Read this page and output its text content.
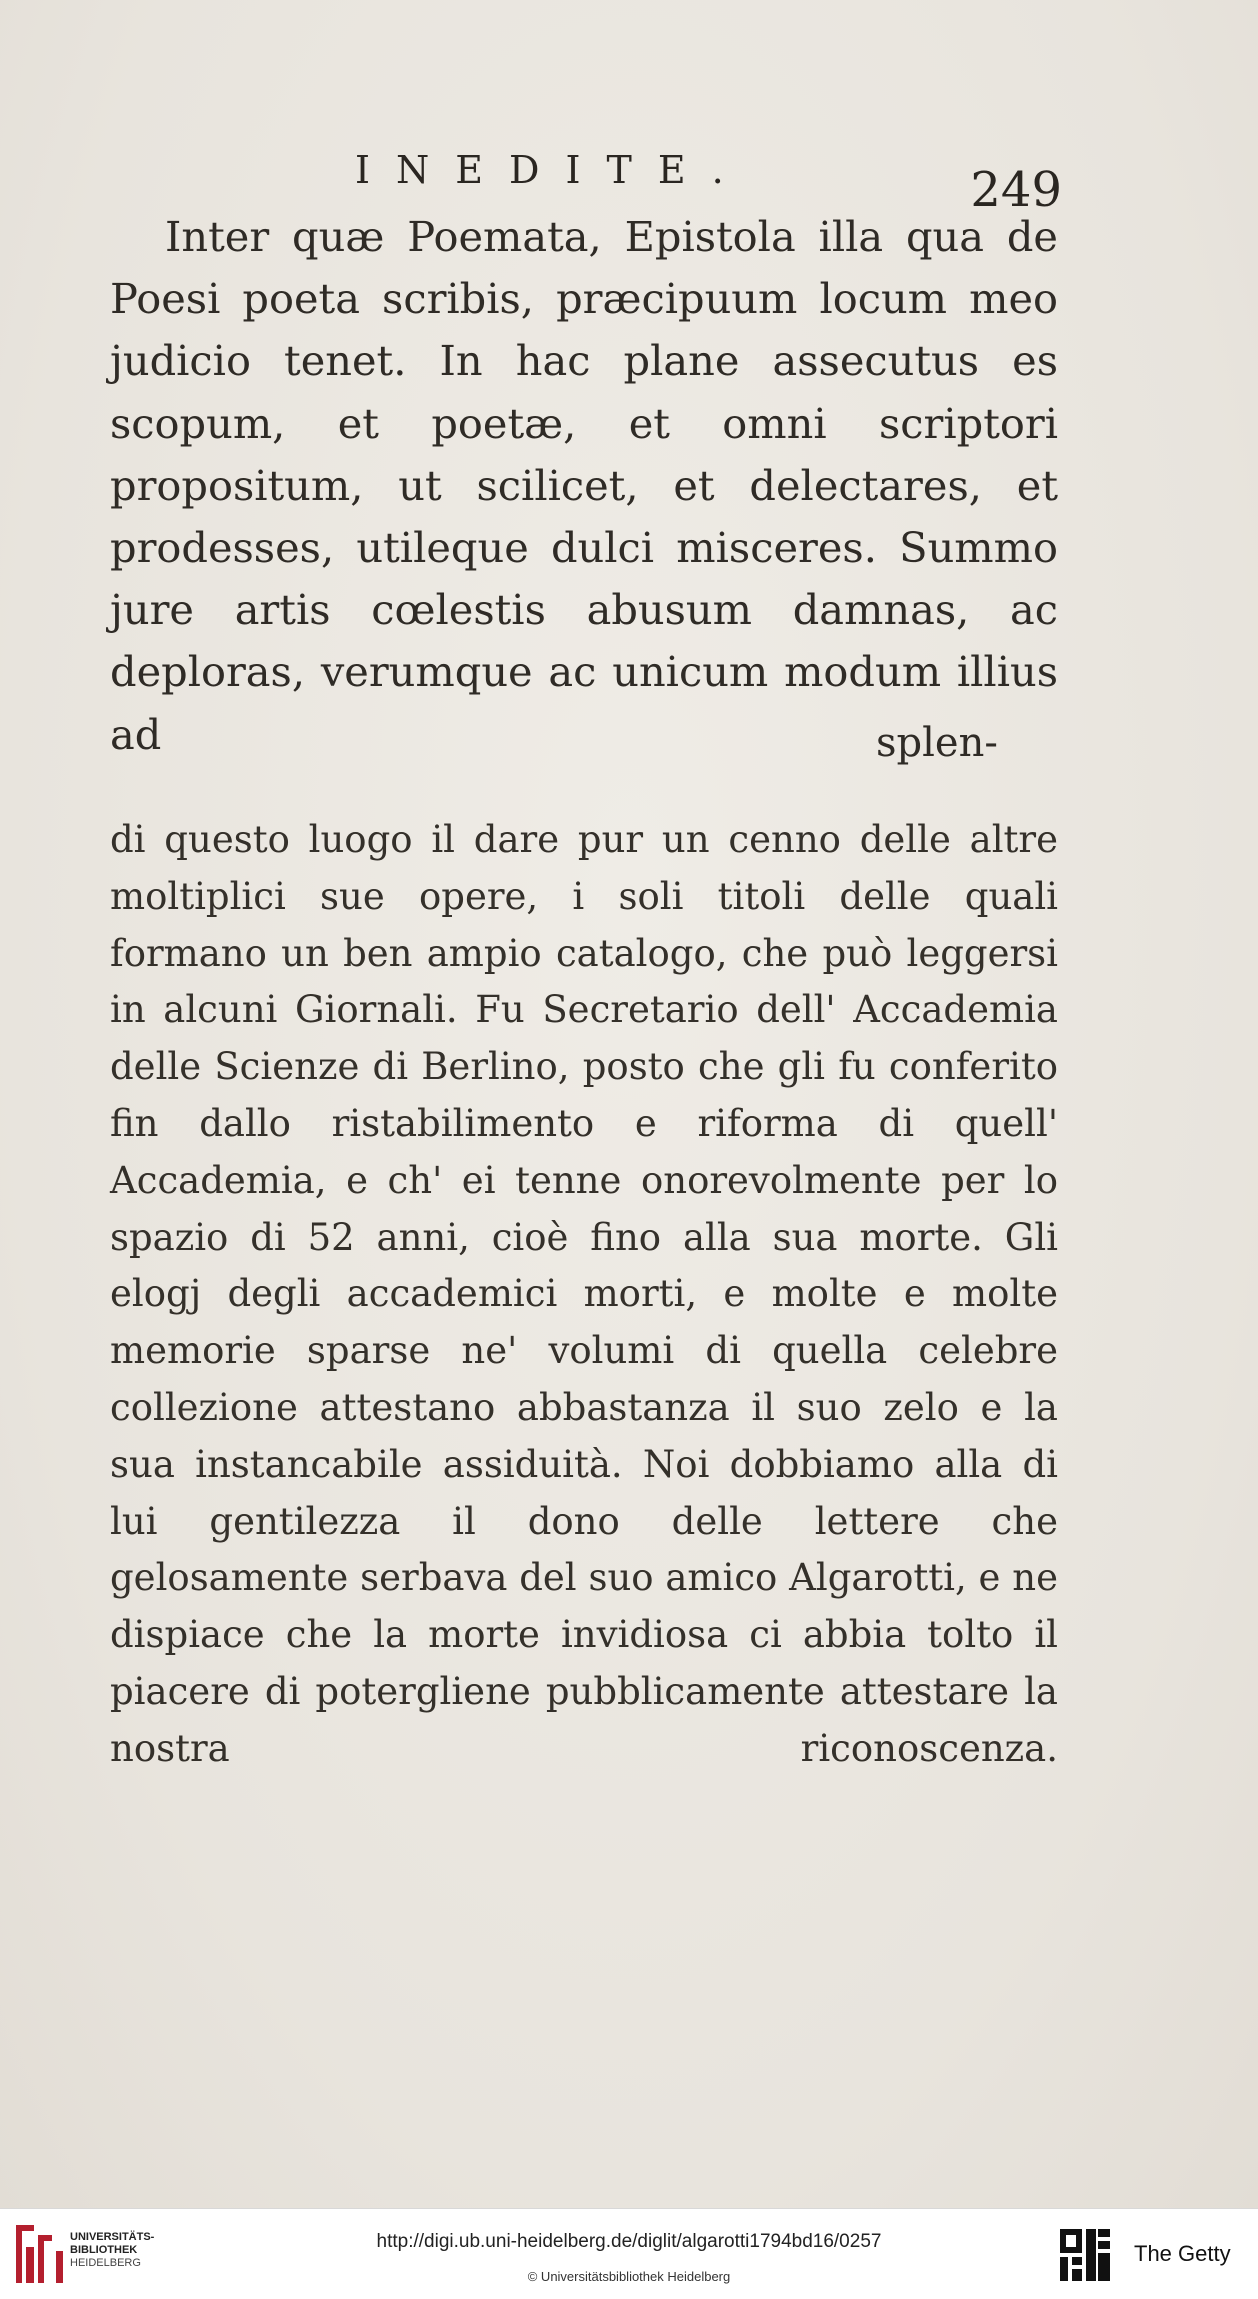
INEDITE.	249

Inter quæ Poemata, Epistola illa qua de Poesi poeta scribis, præcipuum locum meo judicio tenet. In hac plane assecutus es scopum, et poetæ, et omni scriptori propositum, ut scilicet, et delectares, et prodesses, utileque dulci misceres. Summo jure artis cœlestis abusum damnas, ac deploras, verumque ac unicum modum illius ad	splen-

di questo luogo il dare pur un cenno delle altre moltiplici sue opere, i soli titoli delle quali formano un ben ampio catalogo, che può leggersi in alcuni Giornali. Fu Secretario dell' Accademia delle Scienze di Berlino, posto che gli fu conferito fin dallo ristabilimento e riforma di quell' Accademia, e ch' ei tenne onorevolmente per lo spazio di 52 anni, cioè fino alla sua morte. Gli elogj degli accademici morti, e molte e molte memorie sparse ne' volumi di quella celebre collezione attestano abbastanza il suo zelo e la sua instancabile assiduità. Noi dobbiamo alla di lui gentilezza il dono delle lettere che gelosamente serbava del suo amico Algarotti, e ne dispiace che la morte invidiosa ci abbia tolto il piacere di potergliene pubblicamente attestare la nostra riconoscenza.

UNIVERSITÄTS-
BIBLIOTHEK
HEIDELBERG
http://digi.ub.uni-heidelberg.de/diglit/algarotti1794bd16/0257
© Universitätsbibliothek Heidelberg
The Getty
